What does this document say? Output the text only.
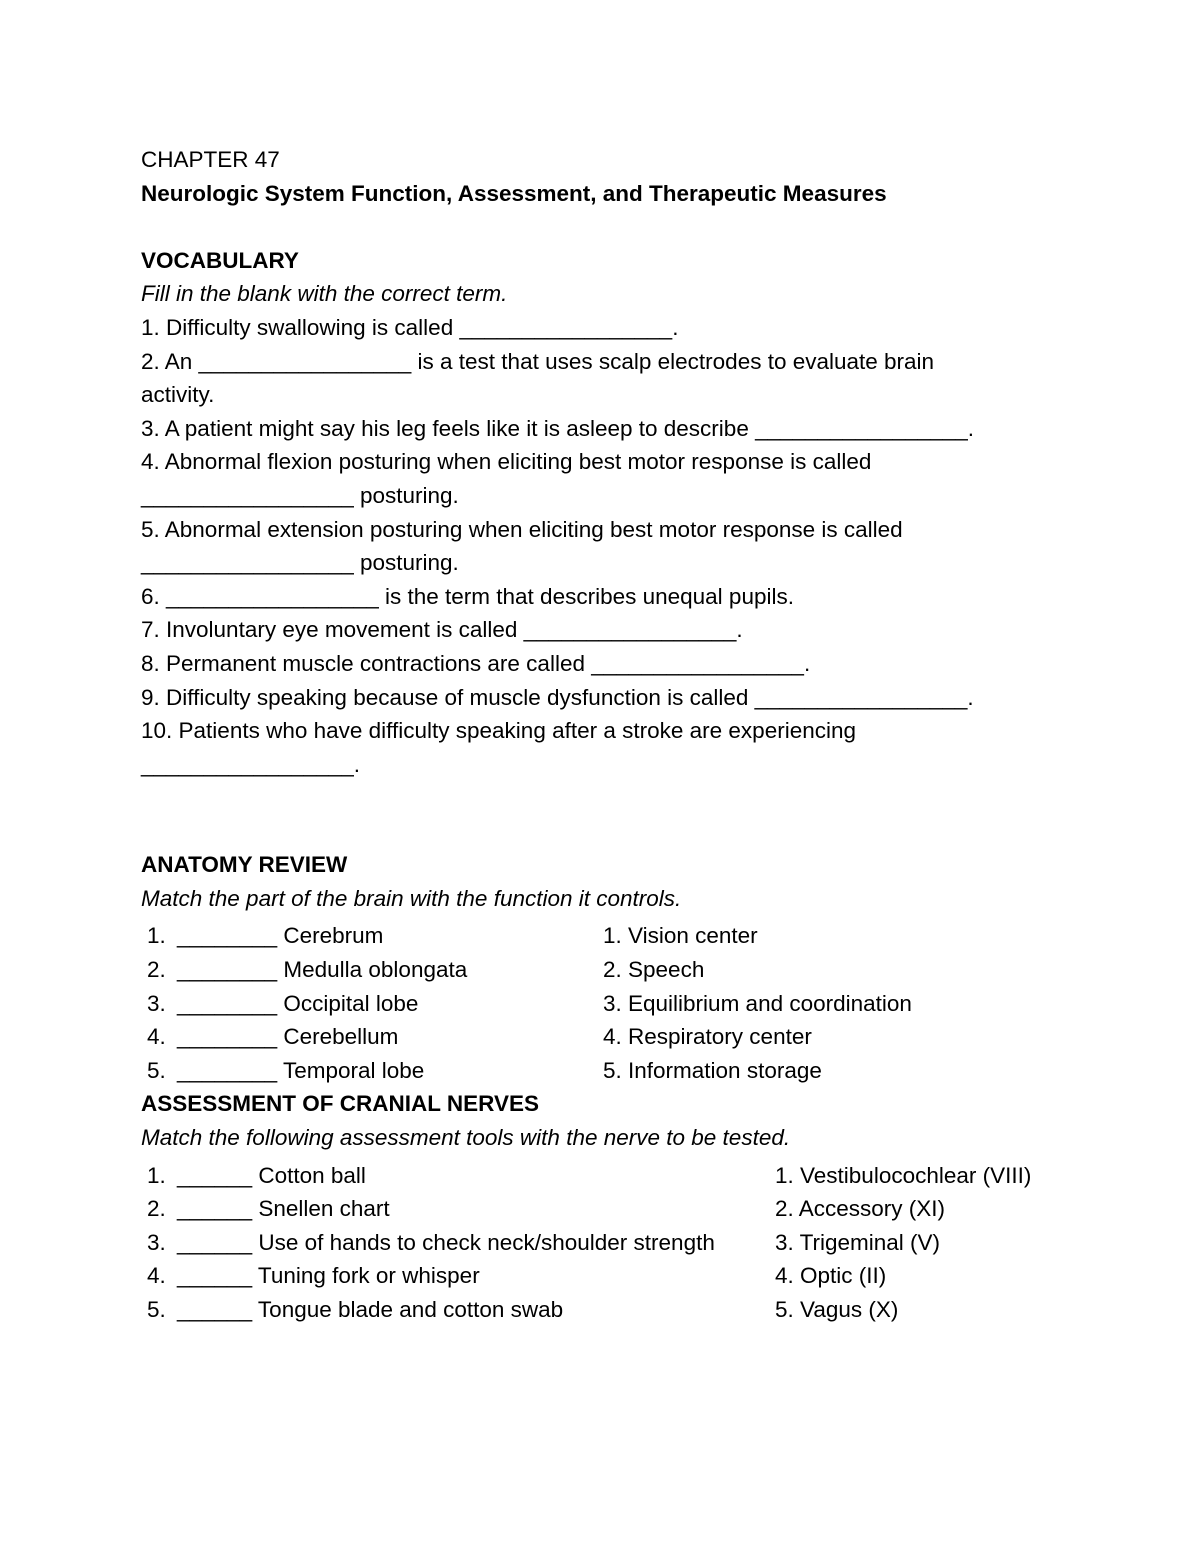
CHAPTER 47
Neurologic System Function, Assessment, and Therapeutic Measures
VOCABULARY
Fill in the blank with the correct term.
1. Difficulty swallowing is called _________________.
2. An _________________ is a test that uses scalp electrodes to evaluate brain
activity.
3. A patient might say his leg feels like it is asleep to describe _________________.
4. Abnormal flexion posturing when eliciting best motor response is called
_________________ posturing.
5. Abnormal extension posturing when eliciting best motor response is called
_________________ posturing.
6. _________________ is the term that describes unequal pupils.
7. Involuntary eye movement is called _________________.
8. Permanent muscle contractions are called _________________.
9. Difficulty speaking because of muscle dysfunction is called _________________.
10. Patients who have difficulty speaking after a stroke are experiencing
_________________.
ANATOMY REVIEW
Match the part of the brain with the function it controls.
1. ________ Cerebrum	1. Vision center
2. ________ Medulla oblongata	2. Speech
3. ________ Occipital lobe	3. Equilibrium and coordination
4. ________ Cerebellum	4. Respiratory center
5. ________ Temporal lobe	5. Information storage
ASSESSMENT OF CRANIAL NERVES
Match the following assessment tools with the nerve to be tested.
1. ______ Cotton ball	1. Vestibulocochlear (VIII)
2. ______ Snellen chart	2. Accessory (XI)
3. ______ Use of hands to check neck/shoulder strength	3. Trigeminal (V)
4. ______ Tuning fork or whisper	4. Optic (II)
5. ______ Tongue blade and cotton swab	5. Vagus (X)
